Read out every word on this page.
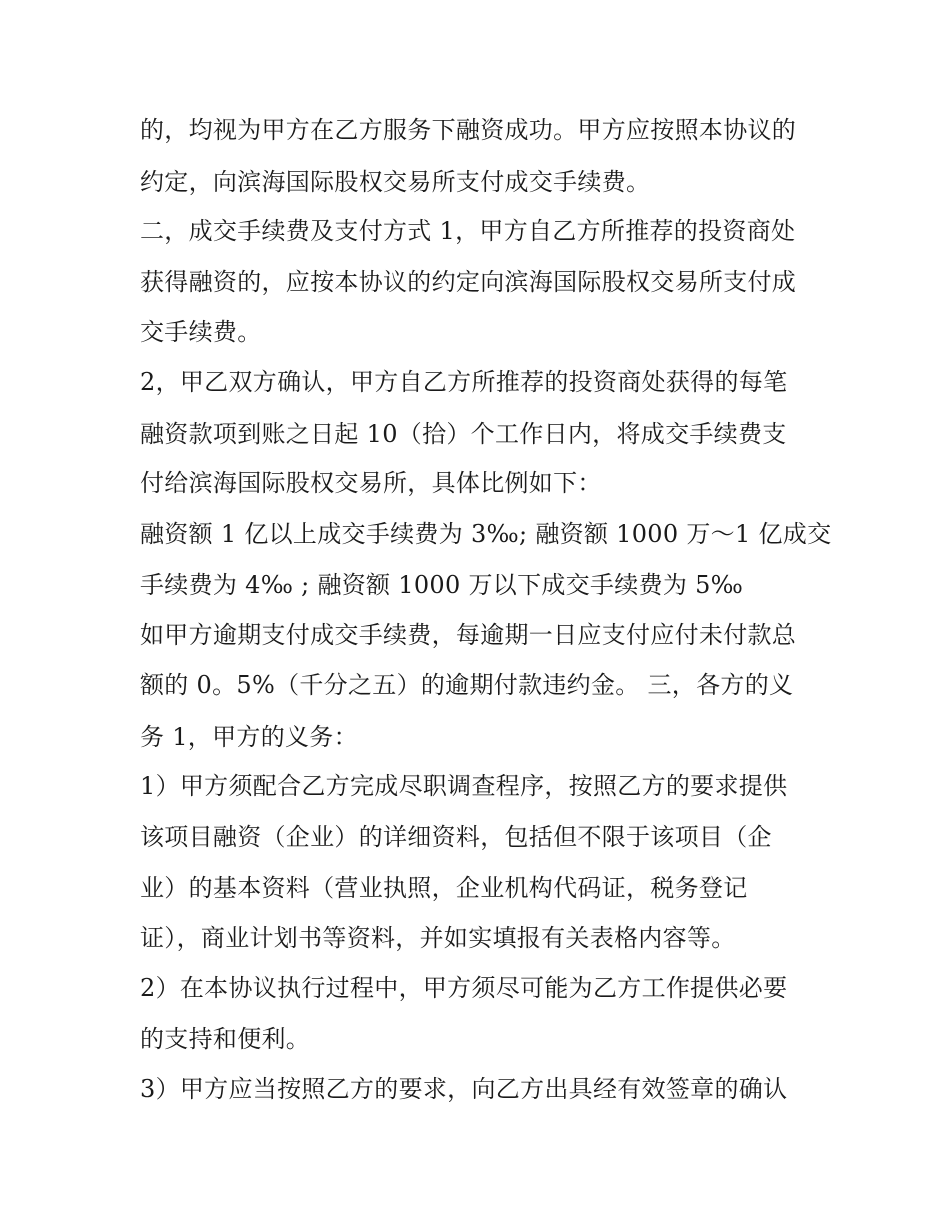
的，均视为甲方在乙方服务下融资成功。甲方应按照本协议的
约定，向滨海国际股权交易所支付成交手续费。
二，成交手续费及支付方式 1，甲方自乙方所推荐的投资商处
获得融资的，应按本协议的约定向滨海国际股权交易所支付成
交手续费。
2，甲乙双方确认，甲方自乙方所推荐的投资商处获得的每笔
融资款项到账之日起 10（拾）个工作日内，将成交手续费支
付给滨海国际股权交易所，具体比例如下：
融资额 1 亿以上成交手续费为 3‰; 融资额 1000 万～1 亿成交
手续费为 4‰ ; 融资额 1000 万以下成交手续费为 5‰
如甲方逾期支付成交手续费，每逾期一日应支付应付未付款总
额的 0。5%（千分之五）的逾期付款违约金。 三，各方的义
务 1，甲方的义务：
1）甲方须配合乙方完成尽职调查程序，按照乙方的要求提供
该项目融资（企业）的详细资料，包括但不限于该项目（企
业）的基本资料（营业执照，企业机构代码证，税务登记
证），商业计划书等资料，并如实填报有关表格内容等。
2）在本协议执行过程中，甲方须尽可能为乙方工作提供必要
的支持和便利。
3）甲方应当按照乙方的要求，向乙方出具经有效签章的确认
